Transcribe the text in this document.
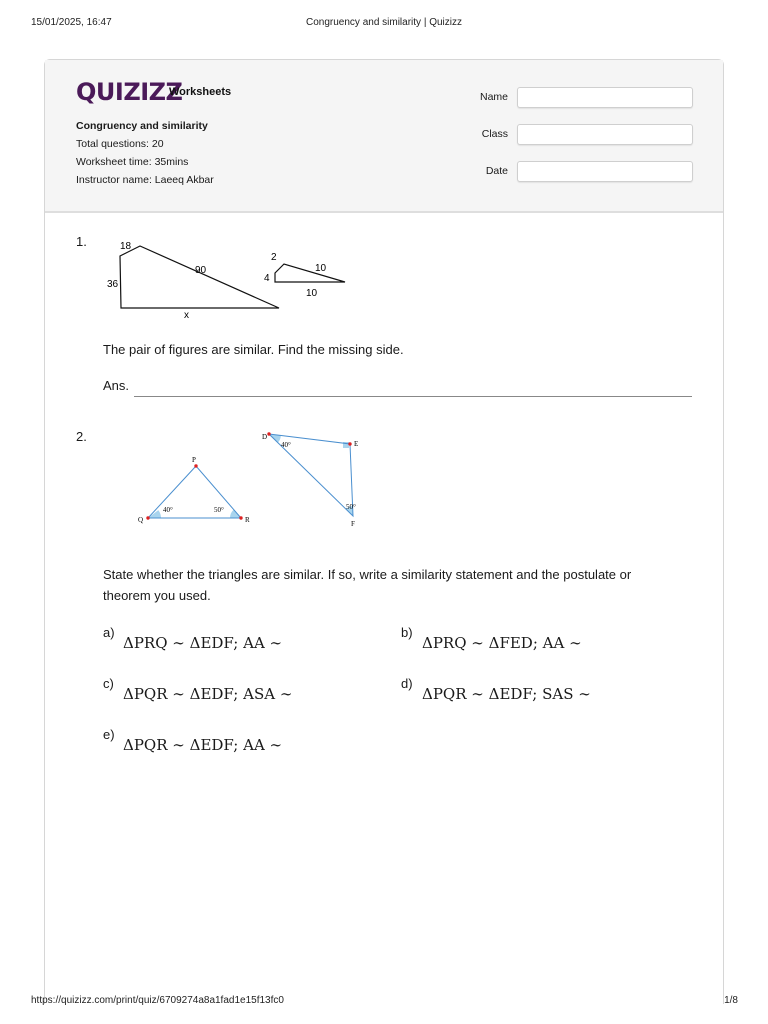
15/01/2025, 16:47	Congruency and similarity | Quizizz
QUIZIZZ
Worksheets
Congruency and similarity
Total questions: 20
Worksheet time: 35mins
Instructor name: Laeeq Akbar
Name
Class
Date
1.	18
90
36
x
2
10
4
10
The pair of figures are similar. Find the missing side.
Ans.
2.
P
Q	R
40°	50°
D
E
F
40°
50°
State whether the triangles are similar. If so, write a similarity statement and the postulate or
theorem you used.
a)
ΔPRQ ∼ ΔEDF; AA ∼
b)
ΔPRQ ∼ ΔFED; AA ∼
c)
ΔPQR ∼ ΔEDF; ASA ∼
d)
ΔPQR ∼ ΔEDF; SAS ∼
e)
ΔPQR ∼ ΔEDF; AA ∼
https://quizizz.com/print/quiz/6709274a8a1fad1e15f13fc0	1/8
